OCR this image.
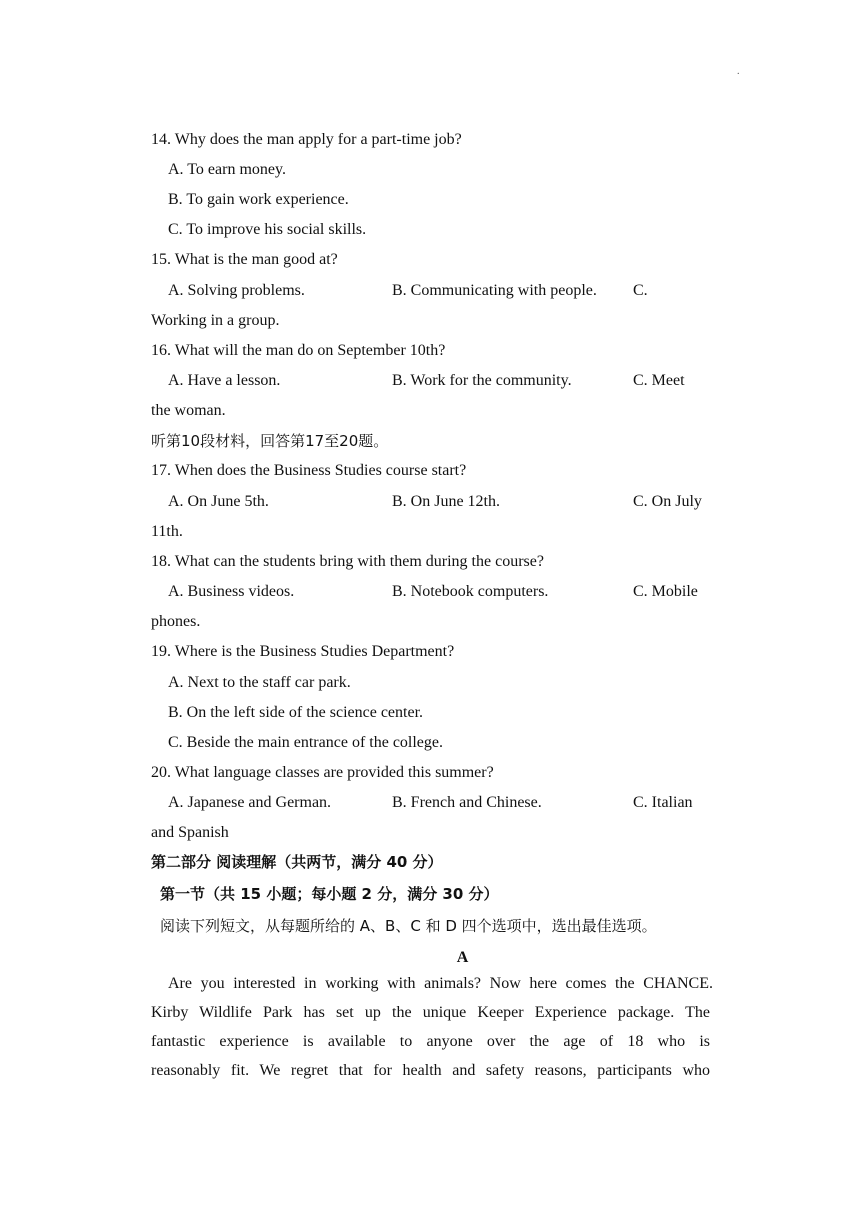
.
14. Why does the man apply for a part-time job?
A. To earn money.
B. To gain work experience.
C. To improve his social skills.
15. What is the man good at?
A. Solving problems.	B. Communicating with people. C.
Working in a group.
16. What will the man do on September 10th?
A. Have a lesson.	B. Work for the community.	C. Meet
the woman.
听第10段材料，回答第17至20题。
17. When does the Business Studies course start?
A. On June 5th.	B. On June 12th.	C. On July
11th.
18. What can the students bring with them during the course?
A. Business videos.	B. Notebook computers.	C. Mobile
phones.
19. Where is the Business Studies Department?
A. Next to the staff car park.
B. On the left side of the science center.
C. Beside the main entrance of the college.
20. What language classes are provided this summer?
A. Japanese and German.	B. French and Chinese.	C. Italian
and Spanish
第二部分 阅读理解（共两节，满分 40 分）
第一节（共 15 小题；每小题 2 分，满分 30 分）
阅读下列短文，从每题所给的 A、B、C 和 D 四个选项中，选出最佳选项。
A
Are you interested in working with animals? Now here comes the CHANCE.
Kirby Wildlife Park has set up the unique Keeper Experience package. The
fantastic experience is available to anyone over the age of 18 who is
reasonably fit. We regret that for health and safety reasons, participants who
